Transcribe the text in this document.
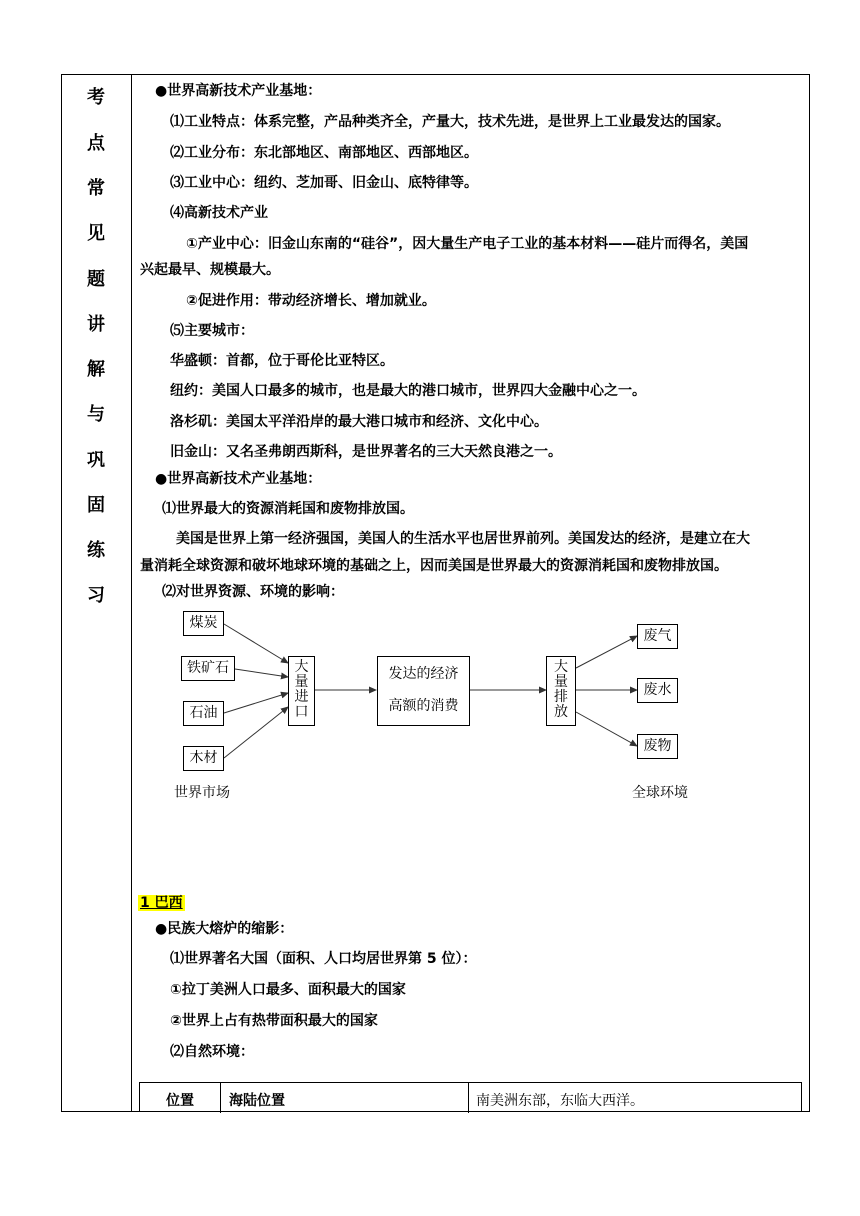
考
点
常
见
题
讲
解
与
巩
固
练
习
●世界高新技术产业基地：
⑴工业特点：体系完整，产品种类齐全，产量大，技术先进，是世界上工业最发达的国家。
⑵工业分布：东北部地区、南部地区、西部地区。
⑶工业中心：纽约、芝加哥、旧金山、底特律等。
⑷高新技术产业
①产业中心：旧金山东南的“硅谷”，因大量生产电子工业的基本材料——硅片而得名，美国
兴起最早、规模最大。
②促进作用：带动经济增长、增加就业。
⑸主要城市：
华盛顿：首都，位于哥伦比亚特区。
纽约：美国人口最多的城市，也是最大的港口城市，世界四大金融中心之一。
洛杉矶：美国太平洋沿岸的最大港口城市和经济、文化中心。
旧金山：又名圣弗朗西斯科，是世界著名的三大天然良港之一。
●世界高新技术产业基地：
⑴世界最大的资源消耗国和废物排放国。
美国是世界上第一经济强国，美国人的生活水平也居世界前列。美国发达的经济，是建立在大
量消耗全球资源和破坏地球环境的基础之上，因而美国是世界最大的资源消耗国和废物排放国。
⑵对世界资源、环境的影响：
煤炭
铁矿石
石油
木材
大
量
进
口
发达的经济
高额的消费
大
量
排
放
废气
废水
废物
世界市场	全球环境
1 巴西
●民族大熔炉的缩影：
⑴世界著名大国（面积、人口均居世界第 5 位）：
①拉丁美洲人口最多、面积最大的国家
②世界上占有热带面积最大的国家
⑵自然环境：
位置	海陆位置	南美洲东部，东临大西洋。
